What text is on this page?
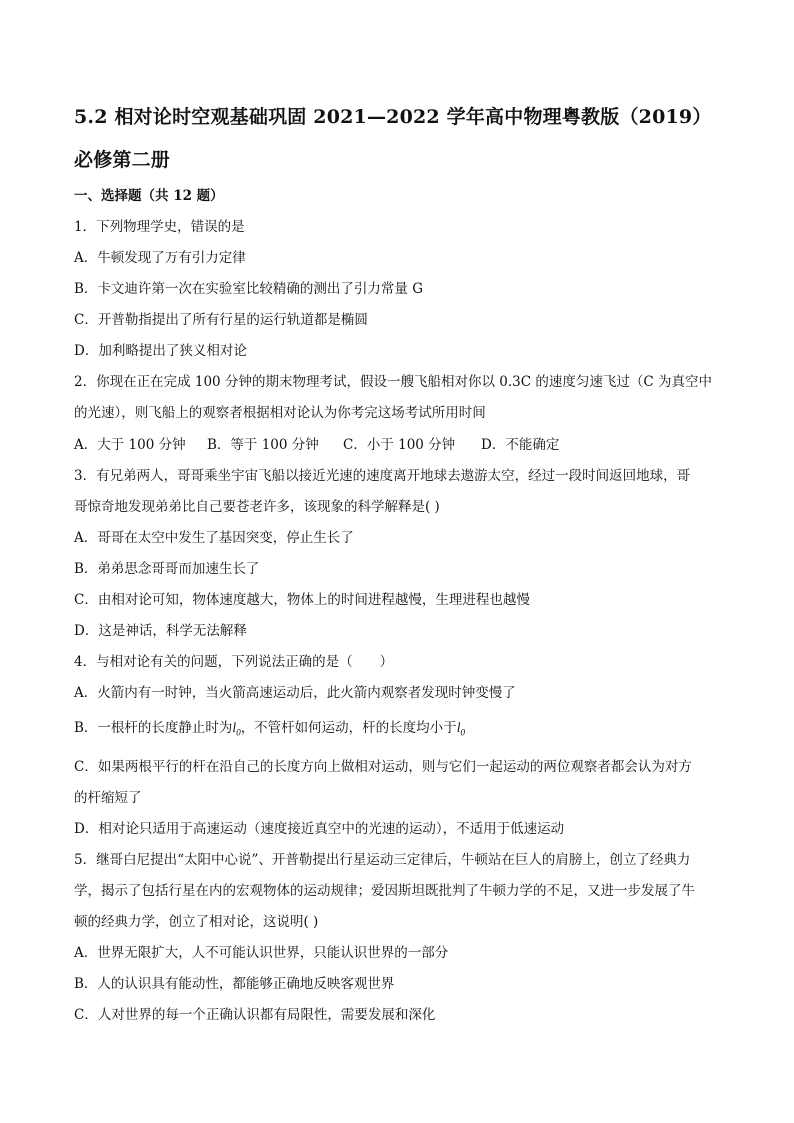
5.2 相对论时空观基础巩固 2021—2022 学年高中物理粤教版（2019）
必修第二册
一、选择题（共 12 题）
1．下列物理学史，错误的是
A．牛顿发现了万有引力定律
B．卡文迪许第一次在实验室比较精确的测出了引力常量 G
C．开普勒指提出了所有行星的运行轨道都是椭圆
D．加利略提出了狭义相对论
2．你现在正在完成 100 分钟的期末物理考试，假设一艘飞船相对你以 0.3C 的速度匀速飞过（C 为真空中
的光速），则飞船上的观察者根据相对论认为你考完这场考试所用时间
A．大于 100 分钟	B．等于 100 分钟	C．小于 100 分钟	D．不能确定
3．有兄弟两人，哥哥乘坐宇宙飞船以接近光速的速度离开地球去遨游太空，经过一段时间返回地球，哥
哥惊奇地发现弟弟比自己要苍老许多，该现象的科学解释是( )
A．哥哥在太空中发生了基因突变，停止生长了
B．弟弟思念哥哥而加速生长了
C．由相对论可知，物体速度越大，物体上的时间进程越慢，生理进程也越慢
D．这是神话，科学无法解释
4．与相对论有关的问题，下列说法正确的是（　　）
A．火箭内有一时钟，当火箭高速运动后，此火箭内观察者发现时钟变慢了
B．一根杆的长度静止时为$l_0$，不管杆如何运动，杆的长度均小于$l_0$
C．如果两根平行的杆在沿自己的长度方向上做相对运动，则与它们一起运动的两位观察者都会认为对方
的杆缩短了
D．相对论只适用于高速运动（速度接近真空中的光速的运动），不适用于低速运动
5．继哥白尼提出“太阳中心说”、开普勒提出行星运动三定律后，牛顿站在巨人的肩膀上，创立了经典力
学，揭示了包括行星在内的宏观物体的运动规律；爱因斯坦既批判了牛顿力学的不足，又进一步发展了牛
顿的经典力学，创立了相对论，这说明( )
A．世界无限扩大，人不可能认识世界，只能认识世界的一部分
B．人的认识具有能动性，都能够正确地反映客观世界
C．人对世界的每一个正确认识都有局限性，需要发展和深化
